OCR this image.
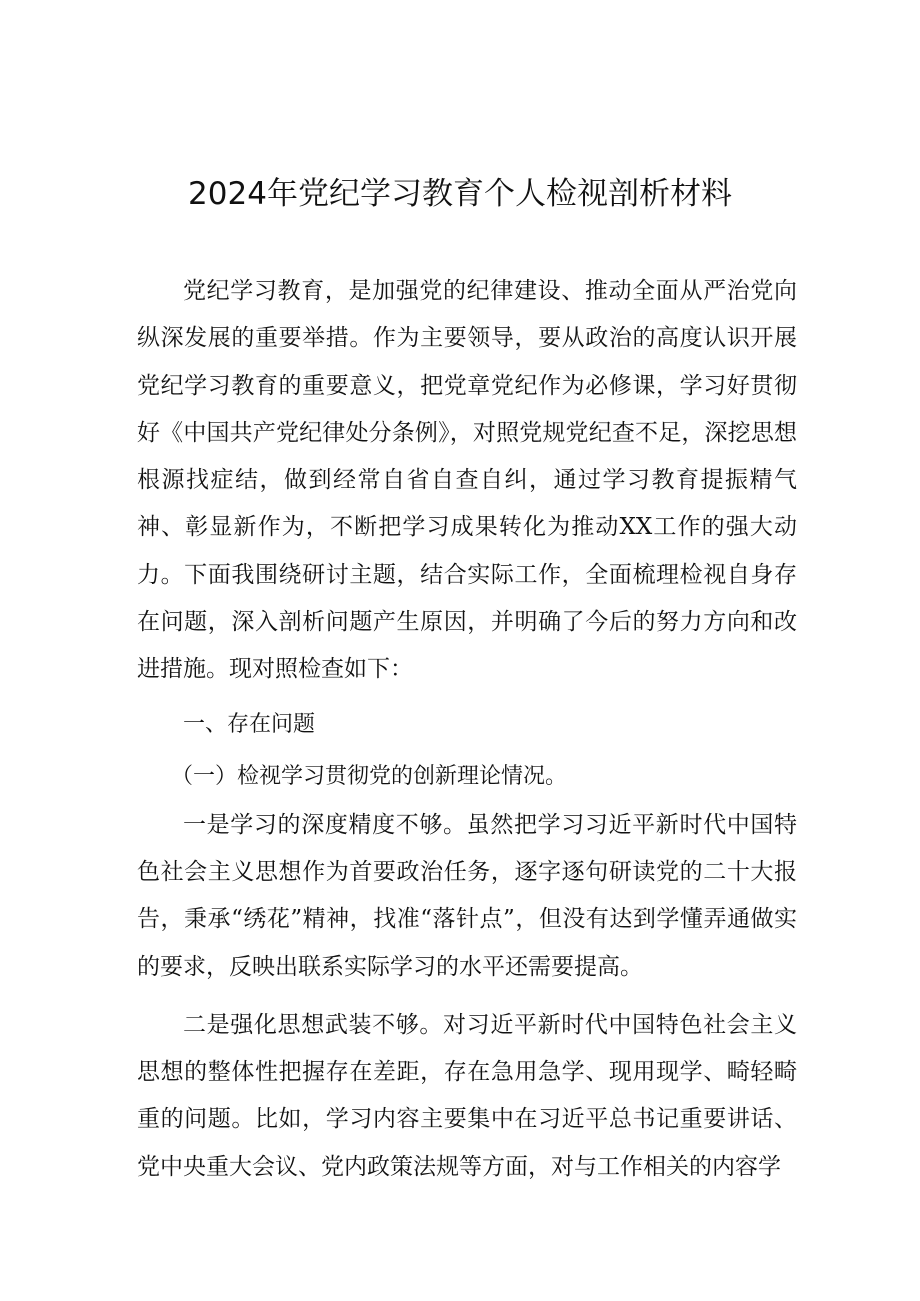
2024年党纪学习教育个人检视剖析材料

党纪学习教育，是加强党的纪律建设、推动全面从严治党向纵深发展的重要举措。作为主要领导，要从政治的高度认识开展党纪学习教育的重要意义，把党章党纪作为必修课，学习好贯彻好《中国共产党纪律处分条例》，对照党规党纪查不足，深挖思想根源找症结，做到经常自省自查自纠，通过学习教育提振精气神、彰显新作为，不断把学习成果转化为推动XX工作的强大动力。下面我围绕研讨主题，结合实际工作，全面梳理检视自身存在问题，深入剖析问题产生原因，并明确了今后的努力方向和改进措施。现对照检查如下：

一、存在问题

（一）检视学习贯彻党的创新理论情况。

一是学习的深度精度不够。虽然把学习习近平新时代中国特色社会主义思想作为首要政治任务，逐字逐句研读党的二十大报告，秉承“绣花”精神，找准“落针点”，但没有达到学懂弄通做实的要求，反映出联系实际学习的水平还需要提高。

二是强化思想武装不够。对习近平新时代中国特色社会主义思想的整体性把握存在差距，存在急用急学、现用现学、畸轻畸重的问题。比如，学习内容主要集中在习近平总书记重要讲话、党中央重大会议、党内政策法规等方面，对与工作相关的内容学
